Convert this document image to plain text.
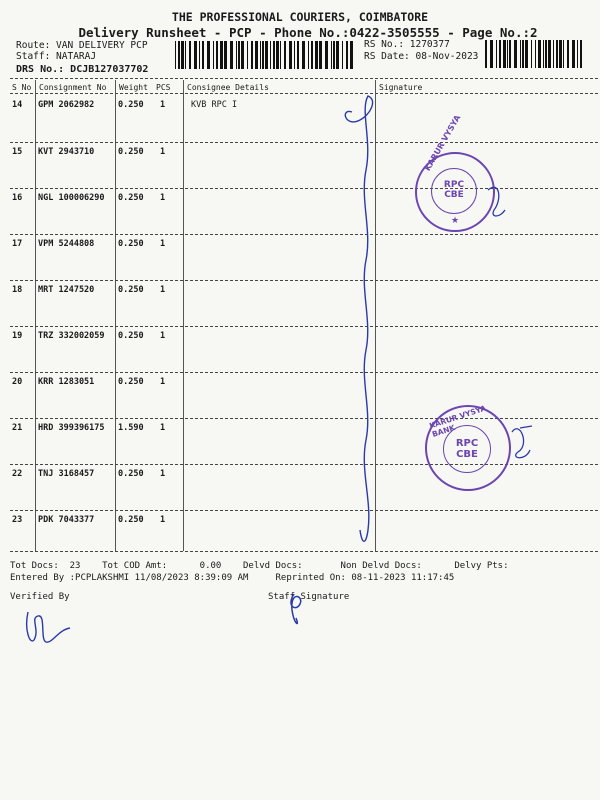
THE PROFESSIONAL COURIERS, COIMBATORE
Delivery Runsheet - PCP - Phone No.:0422-3505555 - Page No.:2
Route: VAN DELIVERY PCP
Staff: NATARAJ
DRS No.: DCJB127037702
RS No.: 1270377
RS Date: 08-Nov-2023
S No Consignment No Weight PCS Consignee Details	Signature
14 GPM 2062982	0.250 1	KVB RPC I
15 KVT 2943710	0.250 1
16 NGL 100006290 0.250 1
17 VPM 5244808	0.250 1
18 MRT 1247520	0.250 1
19 TRZ 332002059 0.250 1
20 KRR 1283051	0.250 1
21 HRD 399396175 1.590 1
22 TNJ 3168457	0.250 1
23 PDK 7043377	0.250 1
Tot Docs:  23    Tot COD Amt:      0.00    Delvd Docs:       Non Delvd Docs:      Delvy Pts:
Entered By :PCPLAKSHMI 11/08/2023 8:39:09 AM     Reprinted On: 08-11-2023 11:17:45
Verified By	Staff Signature
KARUR VYSYA
RPC
CBE
★
KARUR VYSYA BANK
RPC
CBE
